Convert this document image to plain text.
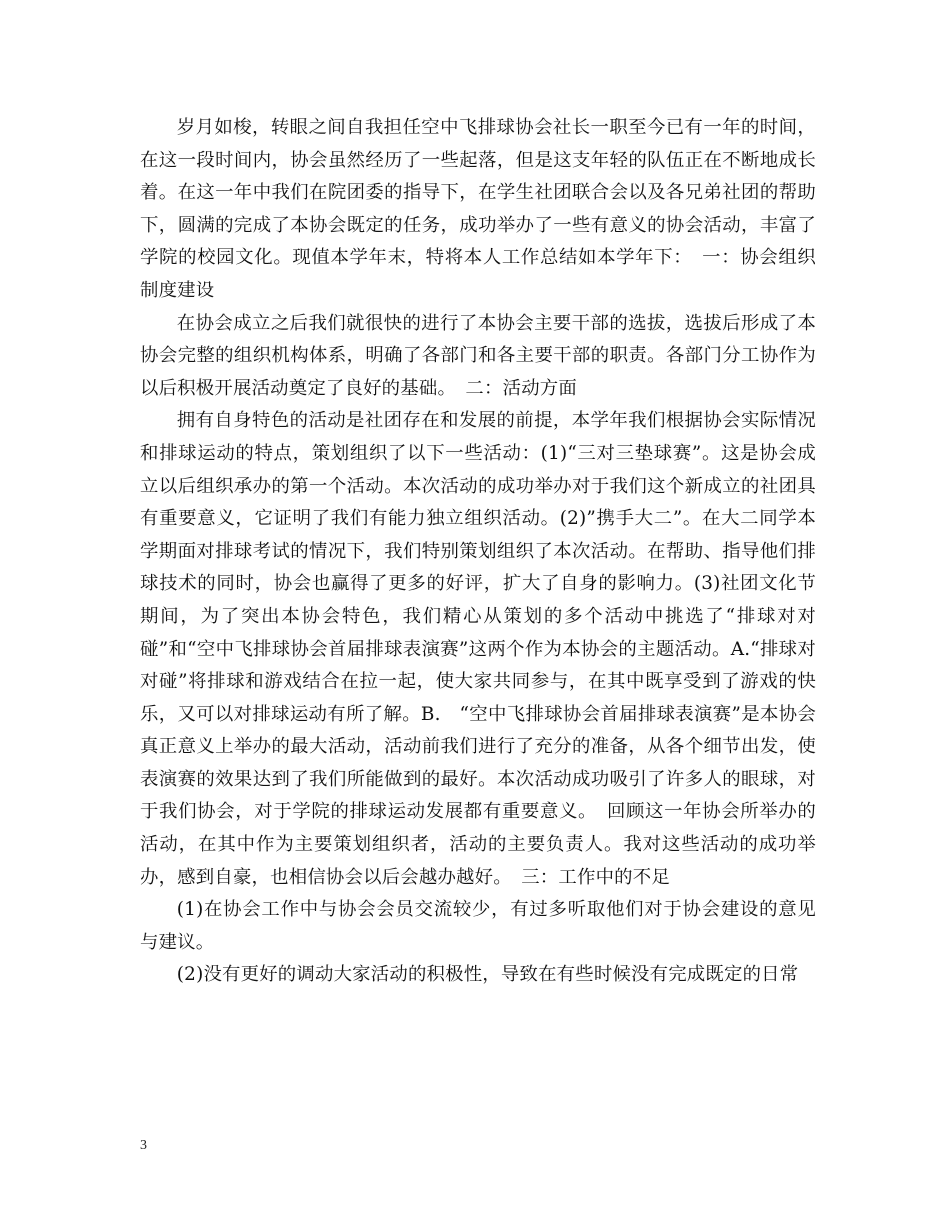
岁月如梭，转眼之间自我担任空中飞排球协会社长一职至今已有一年的时间，在这一段时间内，协会虽然经历了一些起落，但是这支年轻的队伍正在不断地成长着。在这一年中我们在院团委的指导下，在学生社团联合会以及各兄弟社团的帮助下，圆满的完成了本协会既定的任务，成功举办了一些有意义的协会活动，丰富了学院的校园文化。现值本学年末，特将本人工作总结如本学年下：　一：协会组织制度建设

在协会成立之后我们就很快的进行了本协会主要干部的选拔，选拔后形成了本协会完整的组织机构体系，明确了各部门和各主要干部的职责。各部门分工协作为以后积极开展活动奠定了良好的基础。　二：活动方面

拥有自身特色的活动是社团存在和发展的前提，本学年我们根据协会实际情况和排球运动的特点，策划组织了以下一些活动：(1)“三对三垫球赛”。这是协会成立以后组织承办的第一个活动。本次活动的成功举办对于我们这个新成立的社团具有重要意义，它证明了我们有能力独立组织活动。(2)”携手大二”。在大二同学本学期面对排球考试的情况下，我们特别策划组织了本次活动。在帮助、指导他们排球技术的同时，协会也赢得了更多的好评，扩大了自身的影响力。(3)社团文化节期间，为了突出本协会特色，我们精心从策划的多个活动中挑选了“排球对对碰”和“空中飞排球协会首届排球表演赛”这两个作为本协会的主题活动。A.“排球对对碰”将排球和游戏结合在拉一起，使大家共同参与，在其中既享受到了游戏的快乐，又可以对排球运动有所了解。B.　“空中飞排球协会首届排球表演赛”是本协会真正意义上举办的最大活动，活动前我们进行了充分的准备，从各个细节出发，使表演赛的效果达到了我们所能做到的最好。本次活动成功吸引了许多人的眼球，对于我们协会，对于学院的排球运动发展都有重要意义。　回顾这一年协会所举办的活动，在其中作为主要策划组织者，活动的主要负责人。我对这些活动的成功举办，感到自豪，也相信协会以后会越办越好。　三：工作中的不足

(1)在协会工作中与协会会员交流较少，有过多听取他们对于协会建设的意见与建议。

(2)没有更好的调动大家活动的积极性，导致在有些时候没有完成既定的日常

3
